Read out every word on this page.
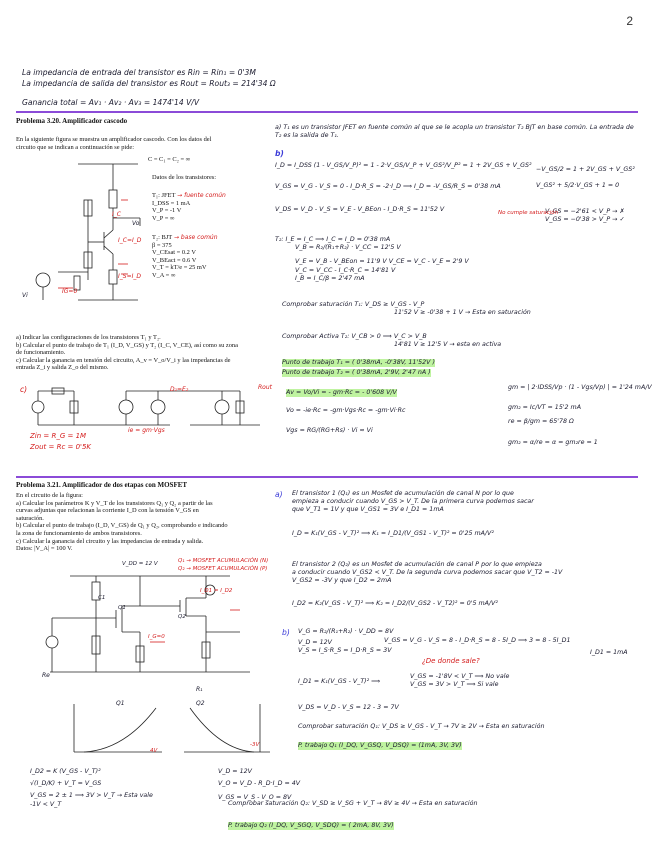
2
La impedancia de entrada del transistor es Rin = Rin₁ = 0'3M
La impedancia de salida del transistor es Rout = Rout₃ = 214'34 Ω
Ganancia total = Av₁ · Av₂ · Av₃ = 1474'14 V/V
Problema 3.20. Amplificador cascodo
En la siguiente figura se muestra un amplificador cascodo. Con los datos del
circuito que se indican a continuación se pide:
C = C₁ = C₂ = ∞
Datos de los transistores:
T₁: JFET → fuente común
I_DSS = 1 mA
V_P = -1 V
V_P = ∞
T₂: BJT → base común
β = 375
V_CEsat = 0.2 V
V_BEact = 0.6 V
V_T = kT/e = 25 mV
V_A = ∞
I_C
I_C=I_D
I_S=I_D
IG=0
Vi
Vo
a) Indicar las configuraciones de los transistores T₁ y T₂.
b) Calcular el punto de trabajo de T₁ (I_D, V_GS) y T₂ (I_C, V_CE), así como su zona
de funcionamiento.
c) Calcular la ganancia en tensión del circuito, A_v = V_o/V_i y las impedancias de
entrada Z_i y salida Z_o del mismo.
c)	D₁=E₂	Rout
ie = gm·Vgs
Zin = R_G = 1M
Zout = Rc = 0'5K
a) T₁ es un transistor JFET en fuente común al que se le acopla un transistor T₂ BJT en base común. La entrada de T₂ es la salida de T₁.
b)
I_D = I_DSS (1 - V_GS/V_P)² = 1 - 2·V_GS/V_P + V_GS²/V_P² = 1 + 2V_GS + V_GS²
V_GS = V_G - V_S = 0 - I_D·R_S = -2·I_D ⟹ I_D = -V_GS/R_S = 0'38 mA
−V_GS/2 = 1 + 2V_GS + V_GS²
V_GS² + 5/2·V_GS + 1 = 0
V_GS = −2'61 < V_P → ✗
V_GS = −0'38 > V_P → ✓
No cumple saturación
V_DS = V_D - V_S = V_E - V_BEon - I_D·R_S = 11'52 V
T₂: I_E = I_C ⟹ I_C ≈ I_D = 0'38 mA
V_B = R₂/(R₁+R₂) · V_CC = 12'5 V
V_E = V_B - V_BEon = 11'9 V V_CE = V_C - V_E = 2'9 V
V_C = V_CC - I_C·R_C = 14'81 V
I_B = I_C/β = 2'47 mA
Comprobar saturación T₁: V_DS ≥ V_GS - V_P
11'52 V ≥ -0'38 + 1 V → Esta en saturación
Comprobar Activa T₂: V_CB > 0 ⟹ V_C > V_B
14'81 V ≥ 12'5 V → esta en activa
Punto de trabajo T₁ = ( 0'38mA, -0'38V, 11'52V )
Punto de trabajo T₂ = ( 0'38mA, 2'9V, 2'47 nA )
Av = Vo/Vi = - gm·Rc = - 0'608 V/V
Vo = -ie·Rc = -gm·Vgs·Rc = -gm·Vi·Rc
Vgs = RG/(RG+Rs) · Vi ≈ Vi
gm = | 2·IDSS/Vp · (1 - Vgs/Vp) | = 1'24 mA/V
gm₂ = Ic/VT = 15'2 mA
re = β/gm = 65'78 Ω
gm₂ = α/re = α = gm₂re = 1
Problema 3.21. Amplificador de dos etapas con MOSFET
En el circuito de la figura:
a) Calcular los parámetros K y V_T de los transistores Q₁ y Q₂ a partir de las
curvas adjuntas que relacionan la corriente I_D con la tensión V_GS en
saturación.
b) Calcular el punto de trabajo (I_D, V_GS) de Q₁ y Q₂, comprobando e indicando
la zona de funcionamiento de ambos transistores.
c) Calcular la ganancia del circuito y las impedancias de entrada y salida.
Datos: |V_A| = 100 V.
V_DD = 12 V	Q₁ → MOSFET ACUMULACIÓN (N)
Q₂ → MOSFET ACUMULACIÓN (P)
I_D1 = I_D2
C1
Q1
Q2
I_G=0
Re
R₁
Q1	Q2
4V
-3V
I_D2 = K (V_GS - V_T)²
√(I_D/K) + V_T = V_GS
V_GS = 2 ± 1 ⟹ 3V > V_T → Esta vale
-1V < V_T
V_D = 12V
V_O = V_D - R_D·I_D = 4V
V_GS = V_S - V_O = 8V
a) El transistor 1 (Q₁) es un Mosfet de acumulación de canal N por lo que
empieza a conducir cuando V_GS > V_T. De la primera curva podemos sacar
que V_T1 = 1V y que V_GS1 = 3V e I_D1 = 1mA
I_D = K₁(V_GS - V_T)² ⟹ K₁ = I_D1/(V_GS1 - V_T)² = 0'25 mA/V²
El transistor 2 (Q₂) es un Mosfet de acumulación de canal P por lo que empieza
a conducir cuando V_GS2 < V_T. De la segunda curva podemos sacar que V_T2 = -1V
V_GS2 = -3V y que I_D2 = 2mA
I_D2 = K₂(V_GS - V_T)² ⟹ K₂ = I_D2/(V_GS2 - V_T2)² = 0'5 mA/V²
b) V_G = R₂/(R₁+R₂) · V_DD = 8V
V_D = 12V
V_S = I_S·R_S = I_D·R_S = 3V
V_GS = V_G - V_S = 8 - I_D·R_S = 8 - 5I_D ⟹ 3 = 8 - 5I_D1
I_D1 = 1mA
¿De donde sale?
I_D1 = K₁(V_GS - V_T)² ⟹
V_GS = -1'8V < V_T ⟹ No vale
V_GS = 3V > V_T ⟹ Si vale
V_DS = V_D - V_S = 12 - 3 = 7V
Comprobar saturación Q₁: V_DS ≥ V_GS - V_T → 7V ≥ 2V → Esta en saturación
P. trabajo Q₁ (I_DQ, V_GSQ, V_DSQ) = (1mA, 3V, 3V)
Comprobar saturación Q₂: V_SD ≥ V_SG + V_T → 8V ≥ 4V → Esta en saturación
P. trabajo Q₂ (I_DQ, V_SGQ, V_SDQ) = ( 2mA, 8V, 3V)
